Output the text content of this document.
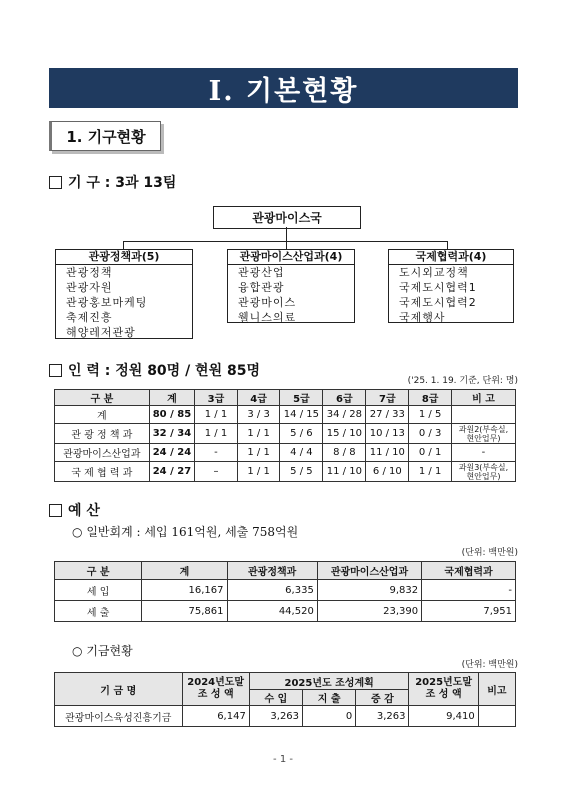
Ⅰ. 기본현황
1. 기구현황
기 구 : 3과 13팀
관광마이스국
관광정책과(5)
관광정책
관광자원
관광홍보마케팅
축제진흥
해양레저관광
관광마이스산업과(4)
관광산업
융합관광
관광마이스
웰니스의료
국제협력과(4)
도시외교정책
국제도시협력1
국제도시협력2
국제행사
인 력 : 정원 80명 / 현원 85명
('25. 1. 19. 기준, 단위: 명)
구 분	계	3급	4급	5급	6급	7급	8급	비 고
계	80 / 85	1 / 1	3 / 3	14 / 15	34 / 28	27 / 33	1 / 5	
관 광 정 책 과	32 / 34	1 / 1	1 / 1	5 / 6	15 / 10	10 / 13	0 / 3	과원2(부속실, 현안업무)
관광마이스산업과	24 / 24	-	1 / 1	4 / 4	8 / 8	11 / 10	0 / 1	-
국 제 협 력 과	24 / 27	–	1 / 1	5 / 5	11 / 10	6 / 10	1 / 1	과원3(부속실, 현안업무)
예 산
○ 일반회계 : 세입 161억원, 세출 758억원
(단위: 백만원)
구 분	계	관광정책과	관광마이스산업과	국제협력과
세 입	16,167	6,335	9,832	-
세 출	75,861	44,520	23,390	7,951
○ 기금현황
(단위: 백만원)
기 금 명	2024년도말 조 성 액	2025년도 조성계획			2025년도말 조 성 액	비고
		수 입	지 출	증 감		
관광마이스육성진흥기금	6,147	3,263	0	3,263	9,410	
- 1 -
